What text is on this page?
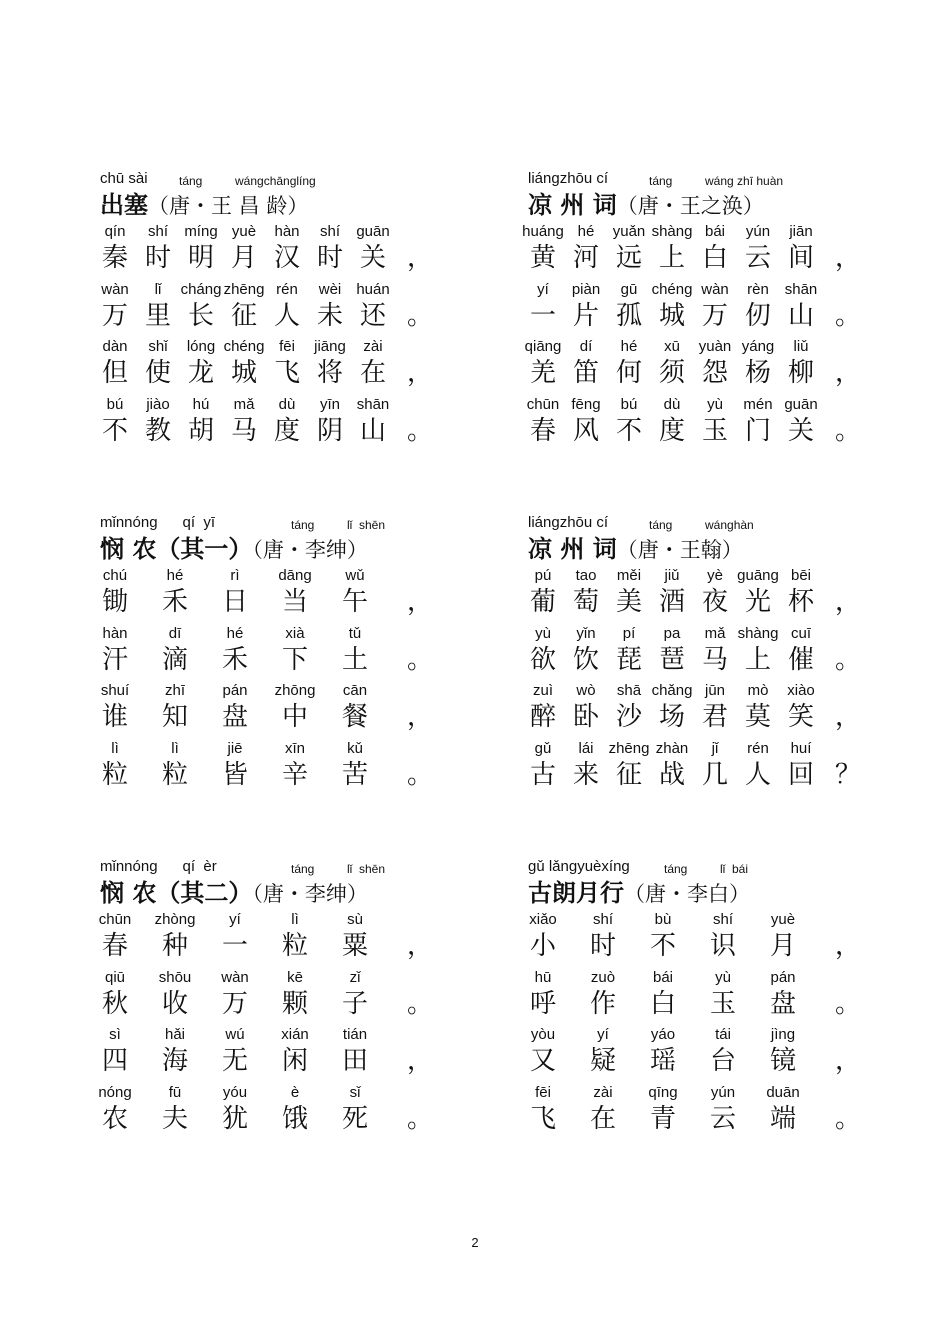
chū sài	táng	wángchānglíng
出塞（唐・王 昌 龄）
qín	shí	míng yuè	hàn	shí	guān
秦 时 明 月 汉 时 关 ，
wàn	lǐ	cháng zhēng rén	wèi	huán
万 里 长 征 人 未 还 。
dàn	shǐ	lóng chéng fēi	jiāng	zài
但 使 龙 城 飞 将 在 ，
bú	jiào	hú	mǎ	dù	yīn	shān
不 教 胡 马 度 阴 山 。
liángzhōu cí	táng	wáng zhī huàn
凉 州 词（唐・王之涣）
huáng hé	yuǎn shàng bái	yún	jiān
黄 河 远 上 白 云 间 ，
yí	piàn	gū chéng wàn	rèn	shān
一 片 孤 城 万 仞 山 。
qiāng	dí	hé	xū	yuàn yáng	liǔ
羌 笛 何 须 怨 杨 柳 ，
chūn fēng	bú	dù	yù	mén guān
春 风 不 度 玉 门 关 。
mǐnnóng      qí  yī	táng	lǐ  shēn
悯 农（其一）（唐・李绅）
chú	hé	rì	dāng	wǔ
锄 禾 日 当 午 ，
hàn	dī	hé	xià	tǔ
汗 滴 禾 下 土 。
shuí	zhī	pán	zhōng	cān
谁 知 盘 中 餐 ，
lì	lì	jiē	xīn	kǔ
粒 粒 皆 辛 苦 。
liángzhōu cí	táng	wánghàn
凉 州 词（唐・王翰）
pú	tao	měi	jiǔ	yè guāng bēi
葡 萄 美 酒 夜 光 杯 ，
yù	yǐn	pí	pa	mǎ shàng cuī
欲 饮 琵 琶 马 上 催 。
zuì	wò	shā chǎng jūn	mò	xiào
醉 卧 沙 场 君 莫 笑 ，
gǔ	lái	zhēng zhàn	jǐ	rén	huí
古 来 征 战 几 人 回 ？
mǐnnóng      qí  èr	táng	lǐ  shēn
悯 农（其二）（唐・李绅）
chūn	zhòng	yí	lì	sù
春 种 一 粒 粟 ，
qiū	shōu	wàn	kē	zǐ
秋 收 万 颗 子 。
sì	hǎi	wú	xián	tián
四 海 无 闲 田 ，
nóng	fū	yóu	è	sǐ
农 夫 犹 饿 死 。
gǔ lǎngyuèxíng	táng	lǐ  bái
古朗月行（唐・李白）
xiǎo	shí	bù	shí	yuè
小 时 不 识 月 ，
hū	zuò	bái	yù	pán
呼 作 白 玉 盘 。
yòu	yí	yáo	tái	jìng
又 疑 瑶 台 镜 ，
fēi	zài	qīng	yún	duān
飞 在 青 云 端 。
2
